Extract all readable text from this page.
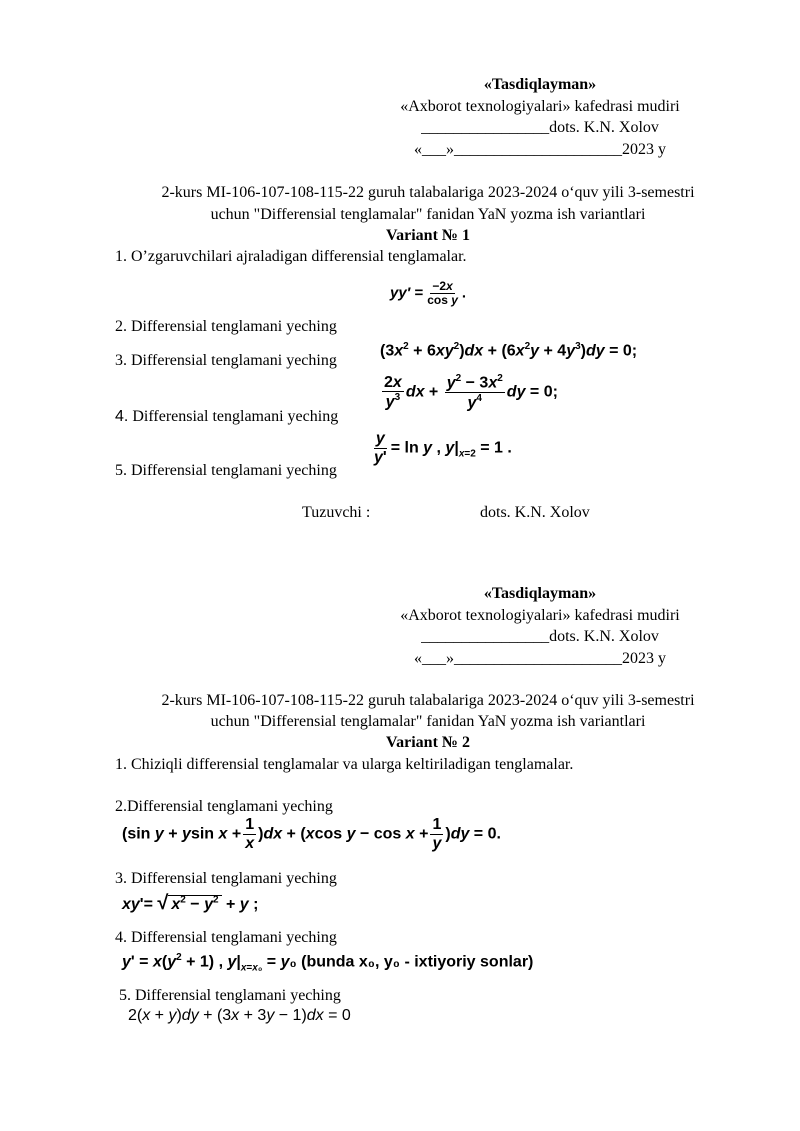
«Tasdiqlayman»
«Axborot texnologiyalari» kafedrasi mudiri
________________dots. K.N. Xolov
«___»_____________________2023 y
2-kurs MI-106-107-108-115-22 guruh talabalariga 2023-2024 o‘quv yili 3-semestri
uchun "Differensial tenglamalar" fanidan YaN yozma ish variantlari
Variant № 1
1. O’zgaruvchilari ajraladigan differensial tenglamalar.
$yy' = \frac{-2x}{\text{cos y}}$ .
2. Differensial tenglamani yeching
$(3x^2 + 6xy^2)dx + (6x^2y + 4y^3)dy = 0$;
3. Differensial tenglamani yeching
$\frac{2x}{y^3}$ dx + $\frac{y^2 - 3x^2}{y^4}$ dy = 0;
4. Differensial tenglamani yeching
$\frac{y}{y'} = \ln y$ , $y|_{x=2} = 1$ .
5. Differensial tenglamani yeching
Tuzuvchi :	dots. K.N. Xolov
«Tasdiqlayman»
«Axborot texnologiyalari» kafedrasi mudiri
________________dots. K.N. Xolov
«___»_____________________2023 y
2-kurs MI-106-107-108-115-22 guruh talabalariga 2023-2024 o‘quv yili 3-semestri
uchun "Differensial tenglamalar" fanidan YaN yozma ish variantlari
Variant № 2
1. Chiziqli differensial tenglamalar va ularga keltiriladigan tenglamalar.
2.Differensial tenglamani yeching
(sin y + ysin $x + \frac{1}{x} )dx + (xcos$ $y - \cos x + \frac{1}{y} )dy = 0$.
3. Differensial tenglamani yeching
xy'= √ $x^2 - y^2 + y$ ;
4. Differensial tenglamani yeching
$y' = x(y^2 + 1)$ , $y|_{x=x_0} = y_0$ (bunda x₀, y₀ - ixtiyoriy sonlar)
5. Differensial tenglamani yeching
2(x + y)dy + (3x + 3y − 1)dx = 0
